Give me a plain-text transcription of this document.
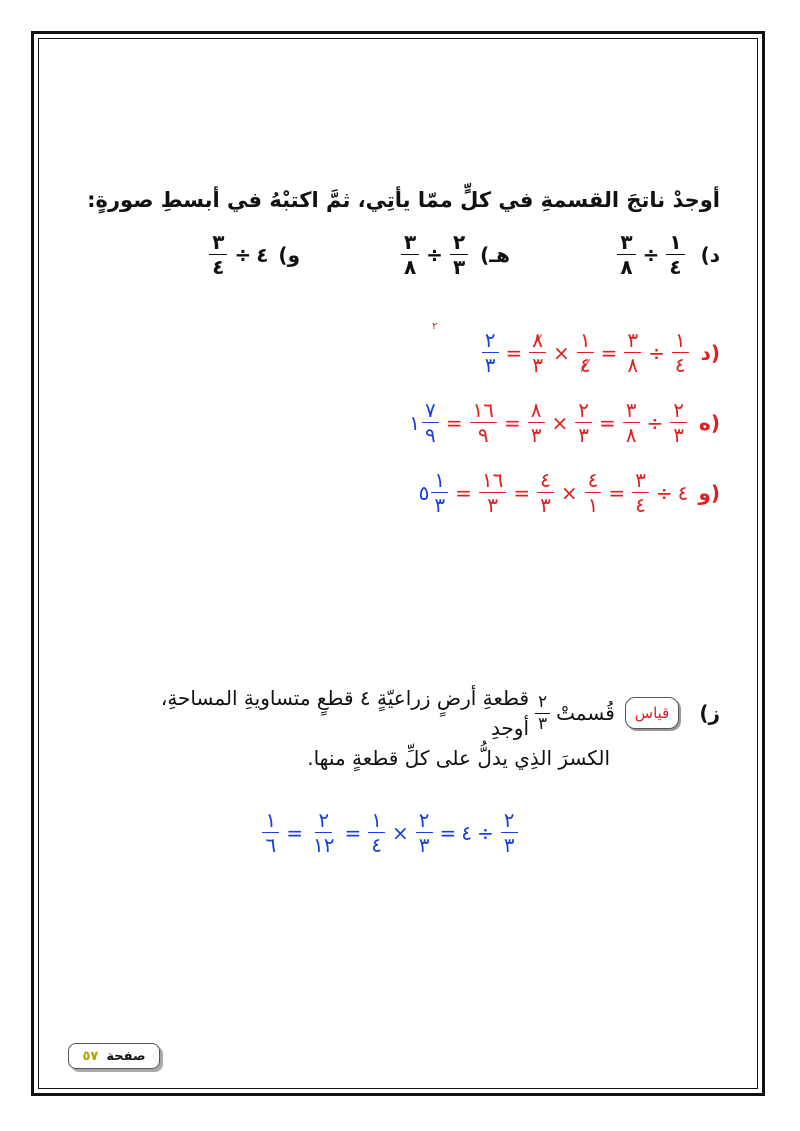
أوجدْ ناتجَ القسمةِ في كلٍّ ممّا يأتِي، ثمَّ اكتبْهُ في أبسطِ صورةٍ:
د)
$\frac{٣}{٨} \div \frac{١}{٤}$
هـ)
$\frac{٣}{٨} \div \frac{٢}{٣}$
و)
$\frac{٣}{٤}$ ÷ ٤
$\frac{٢}{٣}$ = ٨
٢
٣ × $\frac{١}{٤} = \frac{٣}{٨} \div \frac{١}{٤}$ د)
١ $\frac{٧}{٩} = \frac{١٦}{٩} = \frac{٨}{٣} \times \frac{٢}{٣} = \frac{٣}{٨} \div \frac{٢}{٣}$ ه)
٥ $\frac{١}{٣} = \frac{١٦}{٣} = \frac{٤}{٣} \times \frac{٤}{١} = \frac{٣}{٤}$ ÷ ٤ و)
ز)
قياس
قُسمتْ
$\frac{٢}{٣}$
قطعةِ أرضٍ زراعيّةٍ ٤ قطعٍ متساويةِ المساحةِ، أوجدِ
الكسرَ الذِي يدلُّ على كلِّ قطعةٍ منها.
$\frac{١}{٦} = \frac{٢}{١٢} = \frac{١}{٤} \times \frac{٢}{٣}$ = ٤ ÷ $\frac{٢}{٣}$
صفحة
٥٧
